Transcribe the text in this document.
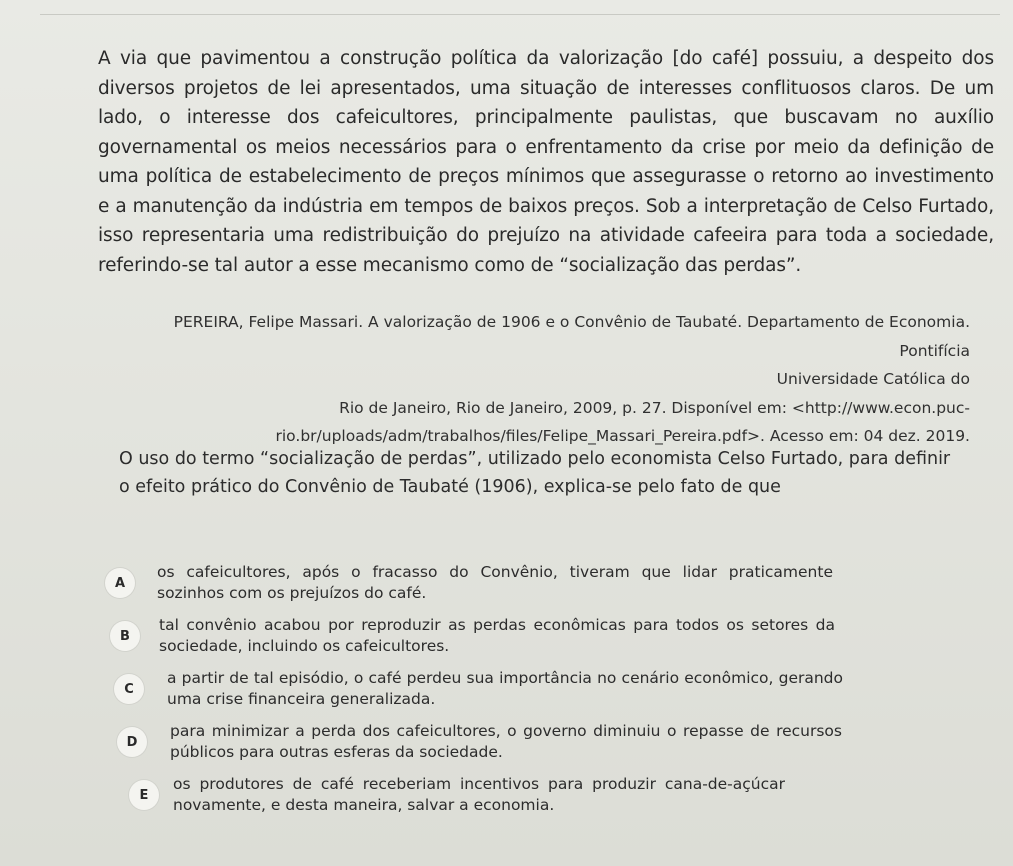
A via que pavimentou a construção política da valorização [do café] possuiu, a despeito dos diversos projetos de lei apresentados, uma situação de interesses conflituosos claros. De um lado, o interesse dos cafeicultores, principalmente paulistas, que buscavam no auxílio governamental os meios necessários para o enfrentamento da crise por meio da definição de uma política de estabelecimento de preços mínimos que assegurasse o retorno ao investimento e a manutenção da indústria em tempos de baixos preços. Sob a interpretação de Celso Furtado, isso representaria uma redistribuição do prejuízo na atividade cafeeira para toda a sociedade, referindo-se tal autor a esse mecanismo como de “socialização das perdas”.

PEREIRA, Felipe Massari. A valorização de 1906 e o Convênio de Taubaté. Departamento de Economia. Pontifícia
Universidade Católica do
Rio de Janeiro, Rio de Janeiro, 2009, p. 27. Disponível em: <http://www.econ.puc-
rio.br/uploads/adm/trabalhos/files/Felipe_Massari_Pereira.pdf>. Acesso em: 04 dez. 2019.

O uso do termo “socialização de perdas”, utilizado pelo economista Celso Furtado, para definir o efeito prático do Convênio de Taubaté (1906), explica-se pelo fato de que

A
os cafeicultores, após o fracasso do Convênio, tiveram que lidar praticamente sozinhos com os prejuízos do café.
B
tal convênio acabou por reproduzir as perdas econômicas para todos os setores da sociedade, incluindo os cafeicultores.
C
a partir de tal episódio, o café perdeu sua importância no cenário econômico, gerando uma crise financeira generalizada.
D
para minimizar a perda dos cafeicultores, o governo diminuiu o repasse de recursos públicos para outras esferas da sociedade.
E
os produtores de café receberiam incentivos para produzir cana-de-açúcar novamente, e desta maneira, salvar a economia.
